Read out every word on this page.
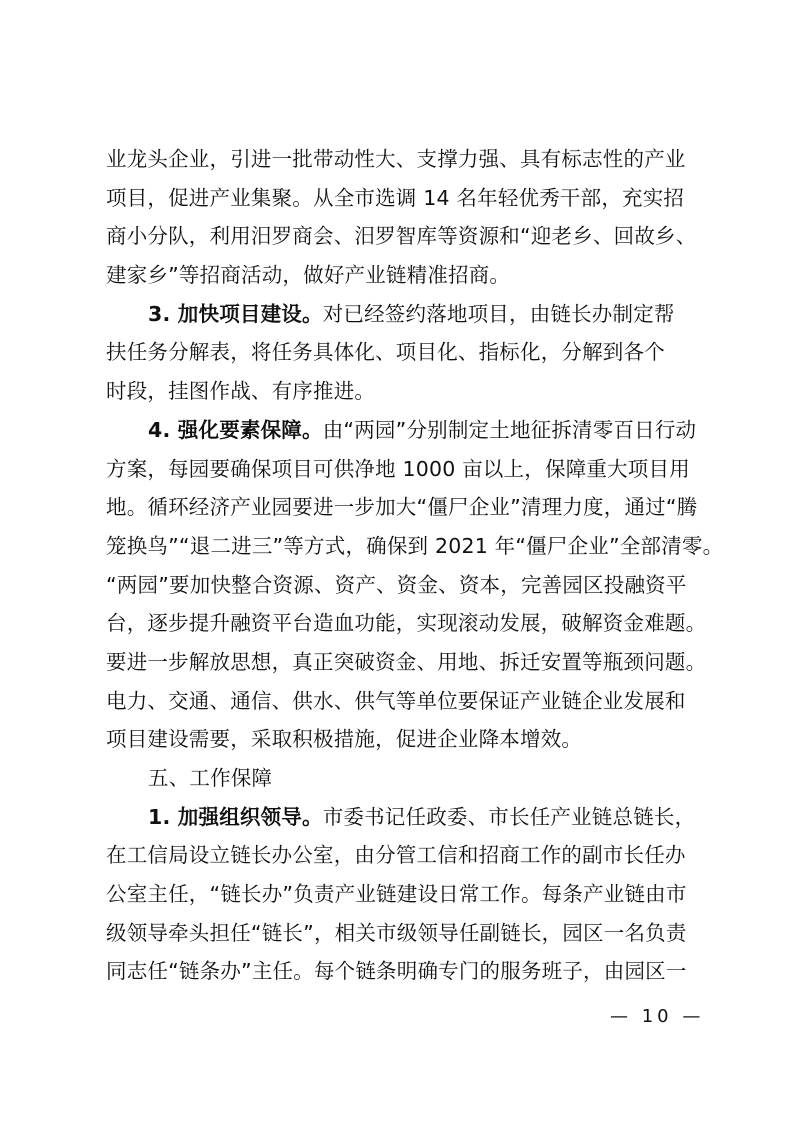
业龙头企业，引进一批带动性大、支撑力强、具有标志性的产业
项目，促进产业集聚。从全市选调 14 名年轻优秀干部，充实招
商小分队，利用汨罗商会、汨罗智库等资源和“迎老乡、回故乡、
建家乡”等招商活动，做好产业链精准招商。
3. 加快项目建设。对已经签约落地项目，由链长办制定帮
扶任务分解表，将任务具体化、项目化、指标化，分解到各个
时段，挂图作战、有序推进。
4. 强化要素保障。由“两园”分别制定土地征拆清零百日行动
方案，每园要确保项目可供净地 1000 亩以上，保障重大项目用
地。循环经济产业园要进一步加大“僵尸企业”清理力度，通过“腾
笼换鸟”“退二进三”等方式，确保到 2021 年“僵尸企业”全部清零。
“两园”要加快整合资源、资产、资金、资本，完善园区投融资平
台，逐步提升融资平台造血功能，实现滚动发展，破解资金难题。
要进一步解放思想，真正突破资金、用地、拆迁安置等瓶颈问题。
电力、交通、通信、供水、供气等单位要保证产业链企业发展和
项目建设需要，采取积极措施，促进企业降本增效。
五、工作保障
1. 加强组织领导。市委书记任政委、市长任产业链总链长，
在工信局设立链长办公室，由分管工信和招商工作的副市长任办
公室主任，“链长办”负责产业链建设日常工作。每条产业链由市
级领导牵头担任“链长”，相关市级领导任副链长，园区一名负责
同志任“链条办”主任。每个链条明确专门的服务班子，由园区一
— 10 —
